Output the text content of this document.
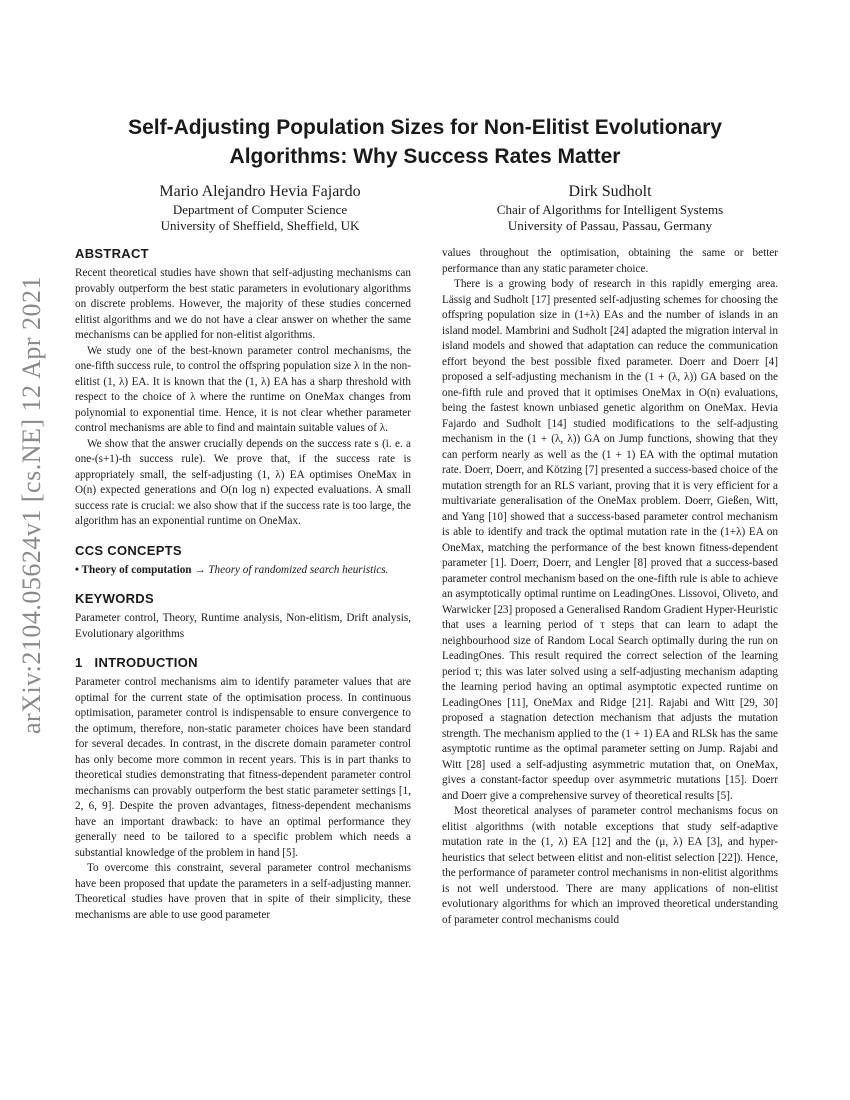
arXiv:2104.05624v1 [cs.NE] 12 Apr 2021
Self-Adjusting Population Sizes for Non-Elitist Evolutionary
Algorithms: Why Success Rates Matter
Mario Alejandro Hevia Fajardo
Department of Computer Science
University of Sheffield, Sheffield, UK
Dirk Sudholt
Chair of Algorithms for Intelligent Systems
University of Passau, Passau, Germany
ABSTRACT

Recent theoretical studies have shown that self-adjusting mechanisms can provably outperform the best static parameters in evolutionary algorithms on discrete problems. However, the majority of these studies concerned elitist algorithms and we do not have a clear answer on whether the same mechanisms can be applied for non-elitist algorithms.

We study one of the best-known parameter control mechanisms, the one-fifth success rule, to control the offspring population size λ in the non-elitist (1, λ) EA. It is known that the (1, λ) EA has a sharp threshold with respect to the choice of λ where the runtime on OneMax changes from polynomial to exponential time. Hence, it is not clear whether parameter control mechanisms are able to find and maintain suitable values of λ.

We show that the answer crucially depends on the success rate s (i. e. a one-(s+1)-th success rule). We prove that, if the success rate is appropriately small, the self-adjusting (1, λ) EA optimises OneMax in O(n) expected generations and O(n log n) expected evaluations. A small success rate is crucial: we also show that if the success rate is too large, the algorithm has an exponential runtime on OneMax.

CCS CONCEPTS

• Theory of computation → Theory of randomized search heuristics.

KEYWORDS

Parameter control, Theory, Runtime analysis, Non-elitism, Drift analysis, Evolutionary algorithms

1 INTRODUCTION

Parameter control mechanisms aim to identify parameter values that are optimal for the current state of the optimisation process. In continuous optimisation, parameter control is indispensable to ensure convergence to the optimum, therefore, non-static parameter choices have been standard for several decades. In contrast, in the discrete domain parameter control has only become more common in recent years. This is in part thanks to theoretical studies demonstrating that fitness-dependent parameter control mechanisms can provably outperform the best static parameter settings [1, 2, 6, 9]. Despite the proven advantages, fitness-dependent mechanisms have an important drawback: to have an optimal performance they generally need to be tailored to a specific problem which needs a substantial knowledge of the problem in hand [5].

To overcome this constraint, several parameter control mechanisms have been proposed that update the parameters in a self-adjusting manner. Theoretical studies have proven that in spite of their simplicity, these mechanisms are able to use good parameter

values throughout the optimisation, obtaining the same or better performance than any static parameter choice.

There is a growing body of research in this rapidly emerging area. Lässig and Sudholt [17] presented self-adjusting schemes for choosing the offspring population size in (1+λ) EAs and the number of islands in an island model. Mambrini and Sudholt [24] adapted the migration interval in island models and showed that adaptation can reduce the communication effort beyond the best possible fixed parameter. Doerr and Doerr [4] proposed a self-adjusting mechanism in the (1 + (λ, λ)) GA based on the one-fifth rule and proved that it optimises OneMax in O(n) evaluations, being the fastest known unbiased genetic algorithm on OneMax. Hevia Fajardo and Sudholt [14] studied modifications to the self-adjusting mechanism in the (1 + (λ, λ)) GA on Jump functions, showing that they can perform nearly as well as the (1 + 1) EA with the optimal mutation rate. Doerr, Doerr, and Kötzing [7] presented a success-based choice of the mutation strength for an RLS variant, proving that it is very efficient for a multivariate generalisation of the OneMax problem. Doerr, Gießen, Witt, and Yang [10] showed that a success-based parameter control mechanism is able to identify and track the optimal mutation rate in the (1+λ) EA on OneMax, matching the performance of the best known fitness-dependent parameter [1]. Doerr, Doerr, and Lengler [8] proved that a success-based parameter control mechanism based on the one-fifth rule is able to achieve an asymptotically optimal runtime on LeadingOnes. Lissovoi, Oliveto, and Warwicker [23] proposed a Generalised Random Gradient Hyper-Heuristic that uses a learning period of τ steps that can learn to adapt the neighbourhood size of Random Local Search optimally during the run on LeadingOnes. This result required the correct selection of the learning period τ; this was later solved using a self-adjusting mechanism adapting the learning period having an optimal asymptotic expected runtime on LeadingOnes [11], OneMax and Ridge [21]. Rajabi and Witt [29, 30] proposed a stagnation detection mechanism that adjusts the mutation strength. The mechanism applied to the (1 + 1) EA and RLSk has the same asymptotic runtime as the optimal parameter setting on Jump. Rajabi and Witt [28] used a self-adjusting asymmetric mutation that, on OneMax, gives a constant-factor speedup over asymmetric mutations [15]. Doerr and Doerr give a comprehensive survey of theoretical results [5].

Most theoretical analyses of parameter control mechanisms focus on elitist algorithms (with notable exceptions that study self-adaptive mutation rate in the (1, λ) EA [12] and the (μ, λ) EA [3], and hyper-heuristics that select between elitist and non-elitist selection [22]). Hence, the performance of parameter control mechanisms in non-elitist algorithms is not well understood. There are many applications of non-elitist evolutionary algorithms for which an improved theoretical understanding of parameter control mechanisms could
